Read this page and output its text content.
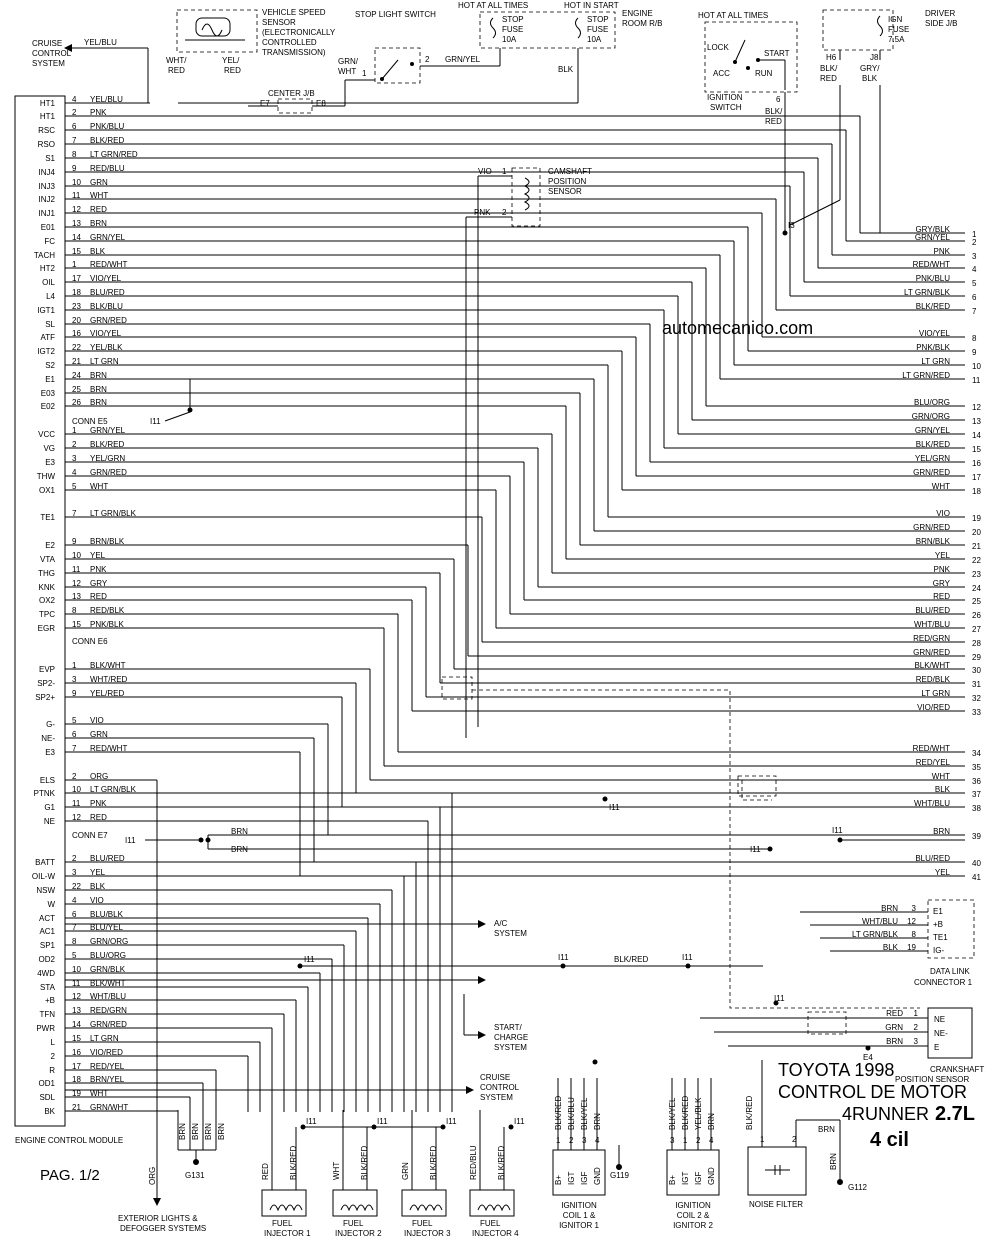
ENGINE CONTROL MODULE
HT1 4 YEL/BLU
HT1 2 PNK
RSC 6 PNK/BLU
RSO 7 BLK/RED
S1 8 LT GRN/RED
INJ4 9 RED/BLU
INJ3 10 GRN
INJ2 11 WHT
INJ1 12 RED
E01 13 BRN
FC 14 GRN/YEL
TACH 15 BLK
HT2 1 RED/WHT
OIL 17 VIO/YEL
L4 18 BLU/RED
IGT1 23 BLK/BLU
SL 20 GRN/RED
ATF 16 VIO/YEL
IGT2 22 YEL/BLK
S2 21 LT GRN
E1 24 BRN
E03 25 BRN
E02 26 BRN
VCC 1 GRN/YEL
VG 2 BLK/RED
E3 3 YEL/GRN
THW 4 GRN/RED
OX1 5 WHT
TE1 7 LT GRN/BLK
E2 9 BRN/BLK
VTA 10 YEL
THG 11 PNK
KNK 12 GRY
OX2 13 RED
TPC 8 RED/BLK
EGR 15 PNK/BLK
EVP 1 BLK/WHT
SP2- 3 WHT/RED
SP2+ 9 YEL/RED
G- 5 VIO
NE- 6 GRN
E3 7 RED/WHT
ELS 2 ORG
PTNK 10 LT GRN/BLK
G1 11 PNK
NE 12 RED
BATT 2 BLU/RED
OIL-W 3 YEL
NSW 22 BLK
W 4 VIO
ACT 6 BLU/BLK
AC1 7 BLU/YEL
SP1 8 GRN/ORG
OD2 5 BLU/ORG
4WD 10 GRN/BLK
STA 11 BLK/WHT
+B 12 WHT/BLU
TFN 13 RED/GRN
PWR 14 GRN/RED
L 15 LT GRN
2 16 VIO/RED
R 17 RED/YEL
OD1 18 BRN/YEL
SDL 19 WHT
BK 21 GRN/WHT
CONN E5
CONN E6
CONN E7
GRY/BLK
1
GRN/YEL
2
PNK
3
RED/WHT
4
PNK/BLU
5
LT GRN/BLK
6
BLK/RED
7
VIO/YEL
8
PNK/BLK
9
LT GRN
10
LT GRN/RED
11
BLU/ORG
12
GRN/ORG
13
GRN/YEL
14
BLK/RED
15
YEL/GRN
16
GRN/RED
17
WHT
18
VIO
19
GRN/RED
20
BRN/BLK
21
YEL
22
PNK
23
GRY
24
RED
25
BLU/RED
26
WHT/BLU
27
RED/GRN
28
GRN/RED
29
BLK/WHT
30
RED/BLK
31
LT GRN
32
VIO/RED
33
RED/WHT
34
RED/YEL
35
WHT
36
BLK
37
WHT/BLU
38
BRN
39
BLU/RED
40
YEL
41
YEL/BLU
CRUISE
CONTROL
SYSTEM
VEHICLE SPEED
SENSOR
(ELECTRONICALLY
CONTROLLED
TRANSMISSION)
WHT/
RED
YEL/
RED
CENTER J/B
E7	E8
STOP LIGHT SWITCH
GRN/
WHT 1
2 GRN/YEL
HOT AT ALL TIMES	HOT IN START
STOP
FUSE
10A
STOP
FUSE
10A
ENGINE
ROOM R/B
BLK
HOT AT ALL TIMES
LOCK
ACC
START
RUN
IGNITION
SWITCH
6
BLK/
RED
IGN
FUSE
7.5A
DRIVER
SIDE J/B
H6	J8
BLK/
RED
GRY/
BLK
I3
CAMSHAFT
POSITION
SENSOR
VIO
PNK
1
2
automecanico.com
I11
BRN 3 E1
WHT/BLU 12 +B
LT GRN/BLK 8 TE1
BLK 19 IG-
DATA LINK
CONNECTOR 1
RED 1
NE
GRN 2
NE-
BRN 3
E
CRANKSHAFT
POSITION SENSOR
E4
A/C
SYSTEM
START/
CHARGE
SYSTEM
CRUISE
CONTROL
SYSTEM
ORG
EXTERIOR LIGHTS &
DEFOGGER SYSTEMS
G131
BRN BRN BRN BRN
FUEL
INJECTOR 1
RED BLK/RED
I11
FUEL
INJECTOR 2
WHT BLK/RED
I11
FUEL
INJECTOR 3
GRN BLK/RED
I11
FUEL
INJECTOR 4
RED/BLU BLK/RED
I11	BLK/RED
1
B+
BLK/BLU
2
IGT
BLK/YEL
3
IGF
BRN
4
GND
IGNITION
COIL 1 &
IGNITOR 1
BLK/YEL
3
B+
BLK/RED
1
IGT
YEL/BLK
2
IGF
BRN
4
GND
IGNITION
COIL 2 &
IGNITOR 2
G119
NOISE FILTER
1	2
BLK/RED	BRN
BRN
G112
TOYOTA 1998
CONTROL DE MOTOR
4RUNNER 2.7L
4 cil
PAG. 1/2
I11
BRN
BRN
I11
I11
I11	I11	I11
BLK/RED
I11
I11
